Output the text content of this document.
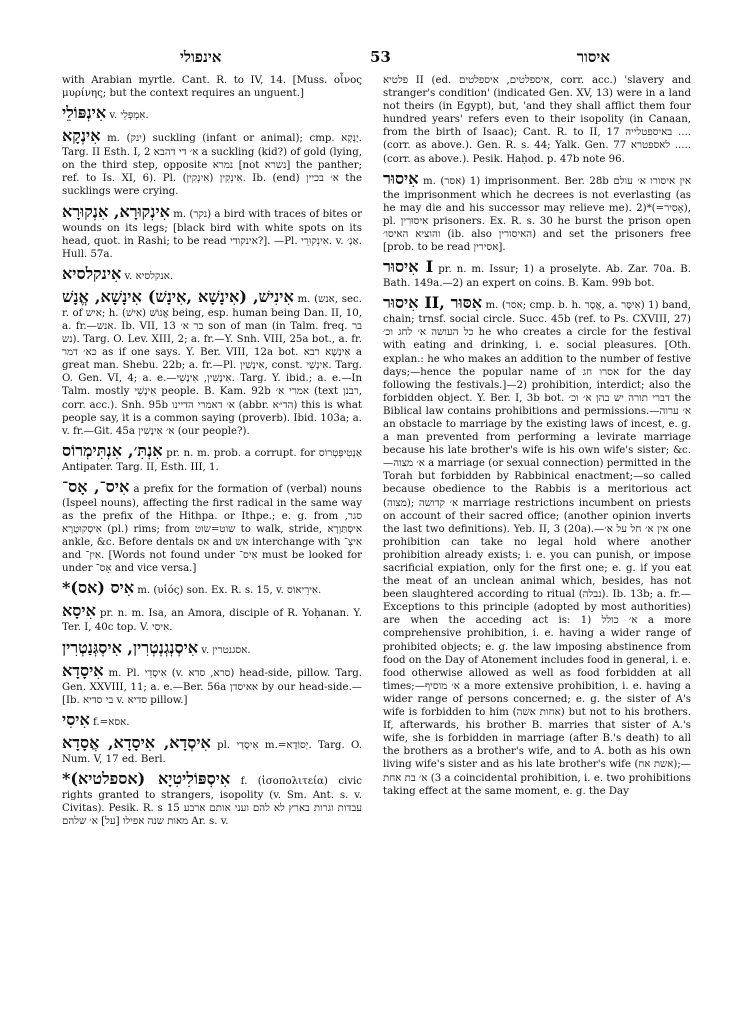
אינפולי	53	איסור

with Arabian myrtle. Cant. R. to IV, 14. [Muss. οἶνος μυρίνης; but the context requires an unguent.]

אִינְפּוֹלֵי v. אִמְפְּלֵי.

אִינְקָא m. (ינק) suckling (infant or animal); cmp. יָנְקָא. Targ. II Esth. I, 2 א׳ די דהבא a suckling (kid?) of gold (lying, on the third step, opposite נמרא [not נשרא] the panther; ref. to Is. XI, 6). Pl. אִינְקִין (אִינְקִין). Ib. (end) א׳ בכיין the sucklings were crying.

אִינְקוּרָא, אִנְקוּרָא m. (נקר) a bird with traces of bites or wounds on its legs; [black bird with white spots on its head, quot. in Rashi; to be read אינקודי?]. —Pl. אִינְקוּרֵי. v. אַנְ׳. Hull. 57a.

אִינקלסיא v. אנקלסיא.

אִינִישׁ, (אִינָשָׁא ,אִינָשׁ) אִינָשָׁא, אֱנָשׁ m. (אנש, sec. r. of איש; h. אֱנוֹשׁ (אִישׁ) being, esp. human being Dan. II, 10, a. fr.—אנש. Ib. VII, 13 בר א׳ son of man (in Talm. freq. בר נש). Targ. O. Lev. XIII, 2; a. fr.—Y. Snh. VIII, 25a bot., a. fr. כא׳ דמר as if one says. Y. Ber. VIII, 12a bot. אִינָשָׁא רבא a great man. Shebu. 22b; a. fr.—Pl. אִינָשִׁין, const. אִינָשֵׁי. Targ. O. Gen. VI, 4; a. e.—אִינָשִׁין, אִינָשֵׁי. Targ. Y. ibid.; a. e.—In Talm. mostly אִינָשֵׁי people. B. Kam. 92b אמרי א׳ (text רבנן, corr. acc.). Snh. 95b א׳ דאמרי הדיינו (abbr. הד״א) this is what people say, it is a common saying (proverb). Ibid. 103a; a. v. fr.—Git. 45a א׳ אִינָשִׁין (our people?).

אִנְתִּ׳, אִנְתִּימְרוֹס pr. n. m. prob. a corrupt. for אַנְטִיפְּטְרוֹס Antipater. Targ. II, Esth. III, 1.

אִיס־, אָס־ a prefix for the formation of (verbal) nouns (Ispeel nouns), affecting the first radical in the same way as the prefix of the Hithpa. or Ithpe.; e. g. from סגר, אִיסְקוּטְרָא (pl.) rims; from שוט=שׂוט to walk, stride, אִיסְתַּוְרָא ankle, &c. Before dentals אס and אש interchange with אִיצְ־ and אִיזְ־. [Words not found under אִיס־ must be looked for under אָס־ and vice versa.]

*(אס) אִיס m. (υἱός) son. Ex. R. s. 15, v. אִירֵיאוֹס.

אִיסָא pr. n. m. Isa, an Amora, disciple of R. Yoḥanan. Y. Ter. I, 40c top. V. אִיסִי.

אִיסְנְגְנְטְרִין, אִיסְגְּנַטְרִין v. אסגנטרין.

אִיסָדָא m. Pl. אִיסָדֵי (v. סרא, סדא) head-side, pillow. Targ. Gen. XXVIII, 11; a. e.—Ber. 56a אאיסדן by our head-side.—[Ib. בי סדיא v. סדיא pillow.]

אִיסִי f.=אסא.

אִיסְדָא, אִיסָדָא, אֲסָדָא pl. אִיסָדֵי m.=יְסוֹדָא. Targ. O. Num. V, 17 ed. Berl.

*(אספלטיא) אִיסְפּוֹלִיטִיָא f. (ἰσοπολιτεία) civic rights granted to strangers, isopolity (v. Sm. Ant. s. v. Civitas). Pesik. R. s 15 עבדות וגרות בארץ לא להם ועני אותם ארבע מאות שנה אפילו [על] א׳ שלהם Ar. s. v.

פלטיא II (ed. איספלטים, איספלטים, corr. acc.) 'slavery and stranger's condition' (indicated Gen. XV, 13) were in a land not theirs (in Egypt), but, 'and they shall afflict them four hundred years' refers even to their isopolity (in Canaan, from the birth of Isaac); Cant. R. to II, 17 באיספטלייה .... (corr. as above.). Gen. R. s. 44; Yalk. Gen. 77 לאספטרא ..... (corr. as above.). Pesik. Haḥod. p. 47b note 96.

אִיסוּר m. (אסר) 1) imprisonment. Ber. 28b אין איסורו א׳ עולם the imprisonment which he decrees is not everlasting (as he may die and his successor may relieve me). 2)*(=אָסִיר), pl. אִיסוּרִין prisoners. Ex. R. s. 30 he burst the prison open והוציא האיסו׳ (ib. also האיסורין) and set the prisoners free [prob. to be read אסירין].

אִיסוּר I pr. n. m. Issur; 1) a proselyte. Ab. Zar. 70a. B. Bath. 149a.—2) an expert on coins. B. Kam. 99b bot.

אִיסוּר II, אִסּוּר m. (אסר; cmp. b. h. אֱסָר, a. אִיסָּר) 1) band, chain; trnsf. social circle. Succ. 45b (ref. to Ps. CXVIII, 27) כל העושה א׳ לחג וכ׳ he who creates a circle for the festival with eating and drinking, i. e. social pleasures. [Oth. explan.: he who makes an addition to the number of festive days;—hence the popular name of אסרו חג for the day following the festivals.]—2) prohibition, interdict; also the forbidden object. Y. Ber. I, 3b bot. דברי תורה יש בהן א׳ וכ׳ the Biblical law contains prohibitions and permissions.—א׳ ערוה an obstacle to marriage by the existing laws of incest, e. g. a man prevented from performing a levirate marriage because his late brother's wife is his own wife's sister; &c.—א׳ מצוה a marriage (or sexual connection) permitted in the Torah but forbidden by Rabbinical enactment;—so called because obedience to the Rabbis is a meritorious act (מצוה); א׳ קדושה marriage restrictions incumbent on priests on account of their sacred office; (another opinion inverts the last two definitions). Yeb. II, 3 (20a).—אין א׳ חל על א׳ one prohibition can take no legal hold where another prohibition already exists; i. e. you can punish, or impose sacrificial expiation, only for the first one; e. g. if you eat the meat of an unclean animal which, besides, has not been slaughtered according to ritual (נבלה). Ib. 13b; a. fr.—Exceptions to this principle (adopted by most authorities) are when the acceding act is: 1) א׳ כולל a more comprehensive prohibition, i. e. having a wider range of prohibited objects; e. g. the law imposing abstinence from food on the Day of Atonement includes food in general, i. e. food otherwise allowed as well as food forbidden at all times;—א׳ מוסיף a more extensive prohibition, i. e. having a wider range of persons concerned; e. g. the sister of A's wife is forbidden to him (אחות אשה) but not to his brothers. If, afterwards, his brother B. marries that sister of A.'s wife, she is forbidden in marriage (after B.'s death) to all the brothers as a brother's wife, and to A. both as his own living wife's sister and as his late brother's wife (אשת אח);—3) א׳ בת אחת a coincidental prohibition, i. e. two prohibitions taking effect at the same moment, e. g. the Day
